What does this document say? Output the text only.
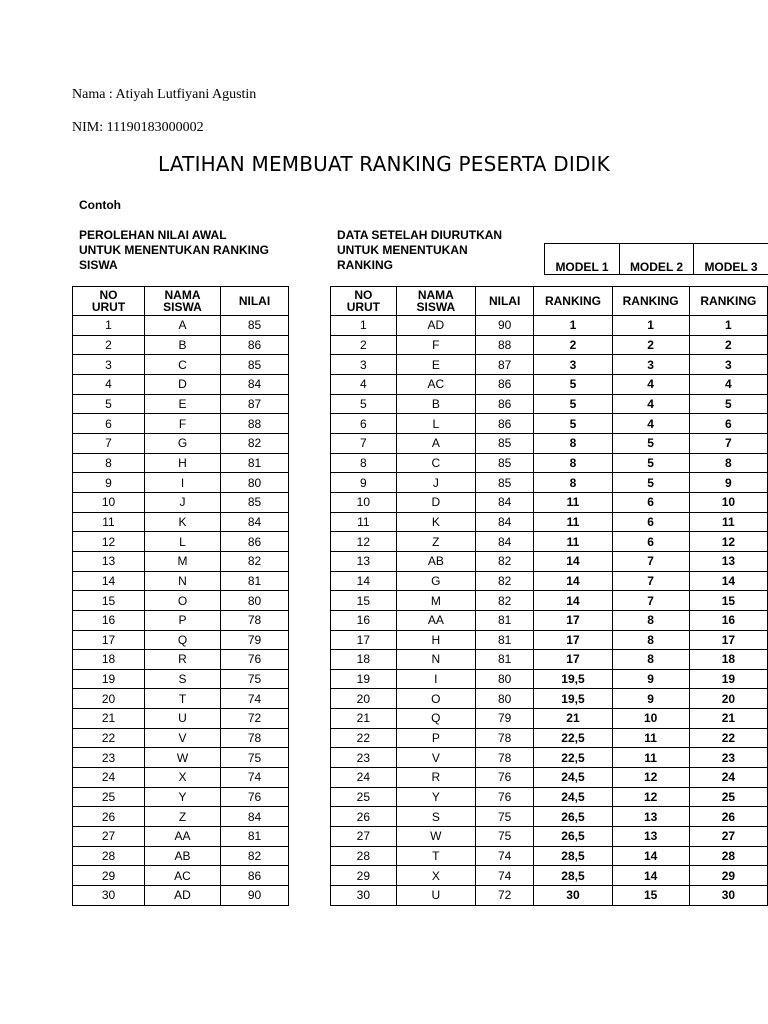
Nama : Atiyah Lutfiyani Agustin
NIM: 11190183000002
LATIHAN MEMBUAT RANKING PESERTA DIDIK
Contoh
PEROLEHAN NILAI AWAL
UNTUK MENENTUKAN RANKING
SISWA
DATA SETELAH DIURUTKAN
UNTUK MENENTUKAN
RANKING	MODEL 1	MODEL 2	MODEL 3
NO
URUT	NAMA
SISWA	NILAI
1	A	85
2	B	86
3	C	85
4	D	84
5	E	87
6	F	88
7	G	82
8	H	81
9	I	80
10	J	85
11	K	84
12	L	86
13	M	82
14	N	81
15	O	80
16	P	78
17	Q	79
18	R	76
19	S	75
20	T	74
21	U	72
22	V	78
23	W	75
24	X	74
25	Y	76
26	Z	84
27	AA	81
28	AB	82
29	AC	86
30	AD	90
NO
URUT	NAMA
SISWA	NILAI	RANKING	RANKING	RANKING
1	AD	90	1	1	1
2	F	88	2	2	2
3	E	87	3	3	3
4	AC	86	5	4	4
5	B	86	5	4	5
6	L	86	5	4	6
7	A	85	8	5	7
8	C	85	8	5	8
9	J	85	8	5	9
10	D	84	11	6	10
11	K	84	11	6	11
12	Z	84	11	6	12
13	AB	82	14	7	13
14	G	82	14	7	14
15	M	82	14	7	15
16	AA	81	17	8	16
17	H	81	17	8	17
18	N	81	17	8	18
19	I	80	19,5	9	19
20	O	80	19,5	9	20
21	Q	79	21	10	21
22	P	78	22,5	11	22
23	V	78	22,5	11	23
24	R	76	24,5	12	24
25	Y	76	24,5	12	25
26	S	75	26,5	13	26
27	W	75	26,5	13	27
28	T	74	28,5	14	28
29	X	74	28,5	14	29
30	U	72	30	15	30
